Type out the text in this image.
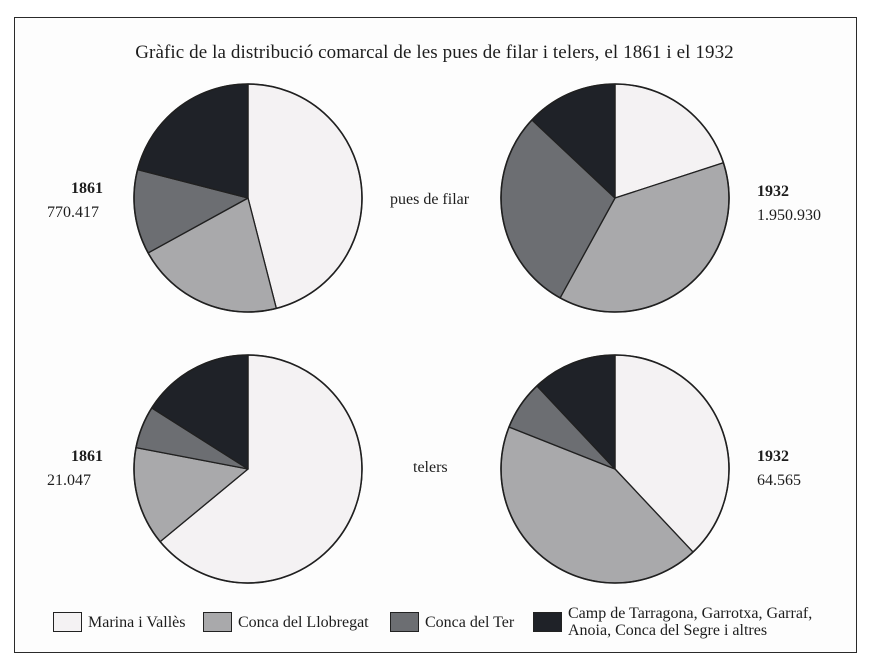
Gràfic de la distribució comarcal de les pues de filar i telers, el 1861 i el 1932
1861
770.417
1932
1.950.930
1861
21.047
1932
64.565
pues de filar
telers
Marina i Vallès	Conca del Llobregat	Conca del Ter	Camp de Tarragona, Garrotxa, Garraf, Anoia, Conca del Segre i altres
